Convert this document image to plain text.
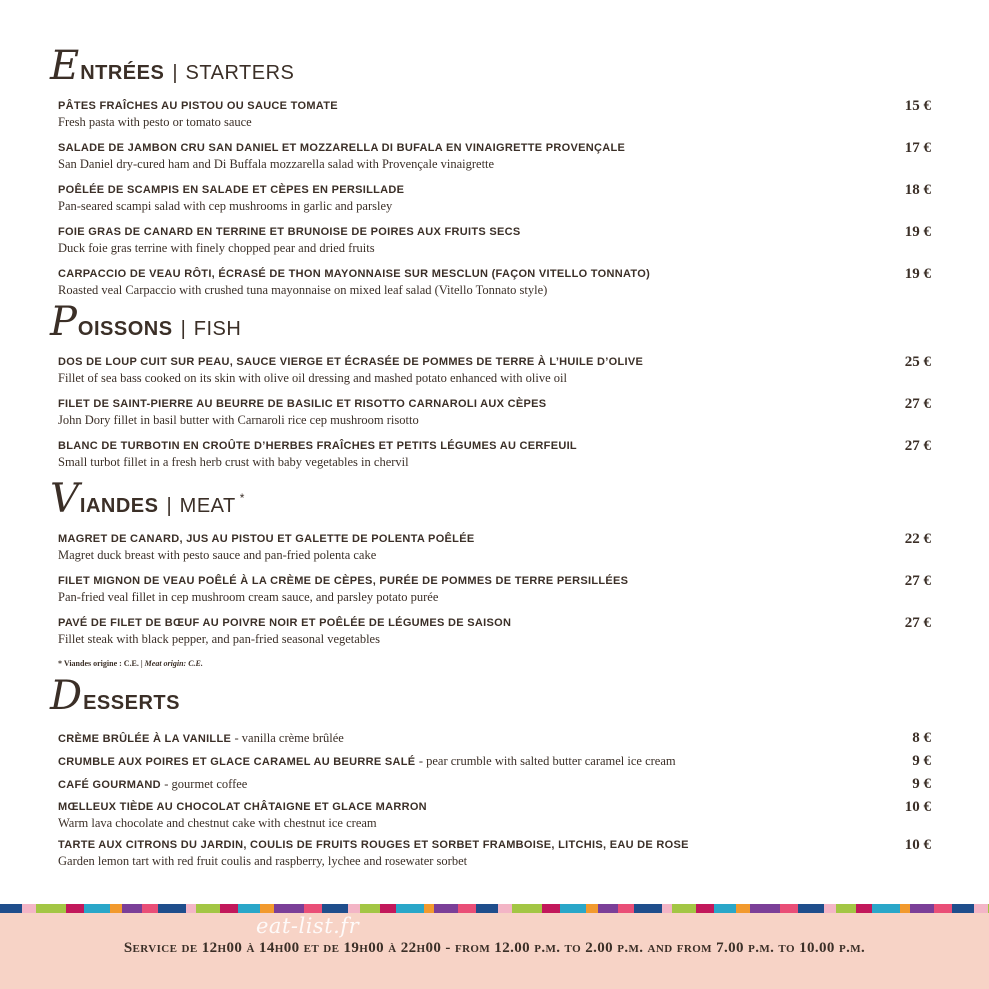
E NTRÉES | STARTERS
PÂTES FRAÎCHES AU PISTOU OU SAUCE TOMATE
Fresh pasta with pesto or tomato sauce
15 €
SALADE DE JAMBON CRU SAN DANIEL ET MOZZARELLA DI BUFALA EN VINAIGRETTE PROVENÇALE
San Daniel dry-cured ham and Di Buffala mozzarella salad with Provençale vinaigrette
17 €
POÊLÉE DE SCAMPIS EN SALADE ET CÈPES EN PERSILLADE
Pan-seared scampi salad with cep mushrooms in garlic and parsley
18 €
FOIE GRAS DE CANARD EN TERRINE ET BRUNOISE DE POIRES AUX FRUITS SECS
Duck foie gras terrine with finely chopped pear and dried fruits
19 €
CARPACCIO DE VEAU RÔTI, ÉCRASÉ DE THON MAYONNAISE SUR MESCLUN (FAÇON VITELLO TONNATO)
Roasted veal Carpaccio with crushed tuna mayonnaise on mixed leaf salad (Vitello Tonnato style)
19 €
P OISSONS | FISH
DOS DE LOUP CUIT SUR PEAU, SAUCE VIERGE ET ÉCRASÉE DE POMMES DE TERRE À L’HUILE D’OLIVE
Fillet of sea bass cooked on its skin with olive oil dressing and mashed potato enhanced with olive oil
25 €
FILET DE SAINT-PIERRE AU BEURRE DE BASILIC ET RISOTTO CARNAROLI AUX CÈPES
John Dory fillet in basil butter with Carnaroli rice cep mushroom risotto
27 €
BLANC DE TURBOTIN EN CROÛTE D’HERBES FRAÎCHES ET PETITS LÉGUMES AU CERFEUIL
Small turbot fillet in a fresh herb crust with baby vegetables in chervil
27 €
V IANDES | MEAT *
MAGRET DE CANARD, JUS AU PISTOU ET GALETTE DE POLENTA POÊLÉE
Magret duck breast with pesto sauce and pan-fried polenta cake
22 €
FILET MIGNON DE VEAU POÊLÉ À LA CRÈME DE CÈPES, PURÉE DE POMMES DE TERRE PERSILLÉES
Pan-fried veal fillet in cep mushroom cream sauce, and parsley potato purée
27 €
PAVÉ DE FILET DE BŒUF AU POIVRE NOIR ET POÊLÉE DE LÉGUMES DE SAISON
Fillet steak with black pepper, and pan-fried seasonal vegetables
27 €
* Viandes origine : C.E. | Meat origin: C.E.
D ESSERTS
CRÈME BRÛLÉE À LA VANILLE - vanilla crème brûlée	8 €
CRUMBLE AUX POIRES ET GLACE CARAMEL AU BEURRE SALÉ - pear crumble with salted butter caramel ice cream	9 €
CAFÉ GOURMAND - gourmet coffee	9 €
MŒLLEUX TIÈDE AU CHOCOLAT CHÂTAIGNE ET GLACE MARRON
Warm lava chocolate and chestnut cake with chestnut ice cream
10 €
TARTE AUX CITRONS DU JARDIN, COULIS DE FRUITS ROUGES ET SORBET FRAMBOISE, LITCHIS, EAU DE ROSE
Garden lemon tart with red fruit coulis and raspberry, lychee and rosewater sorbet
10 €
eat-list.fr
Service de 12h00 à 14h00 et de 19h00 à 22h00 - from 12.00 p.m. to 2.00 p.m. and from 7.00 p.m. to 10.00 p.m.
